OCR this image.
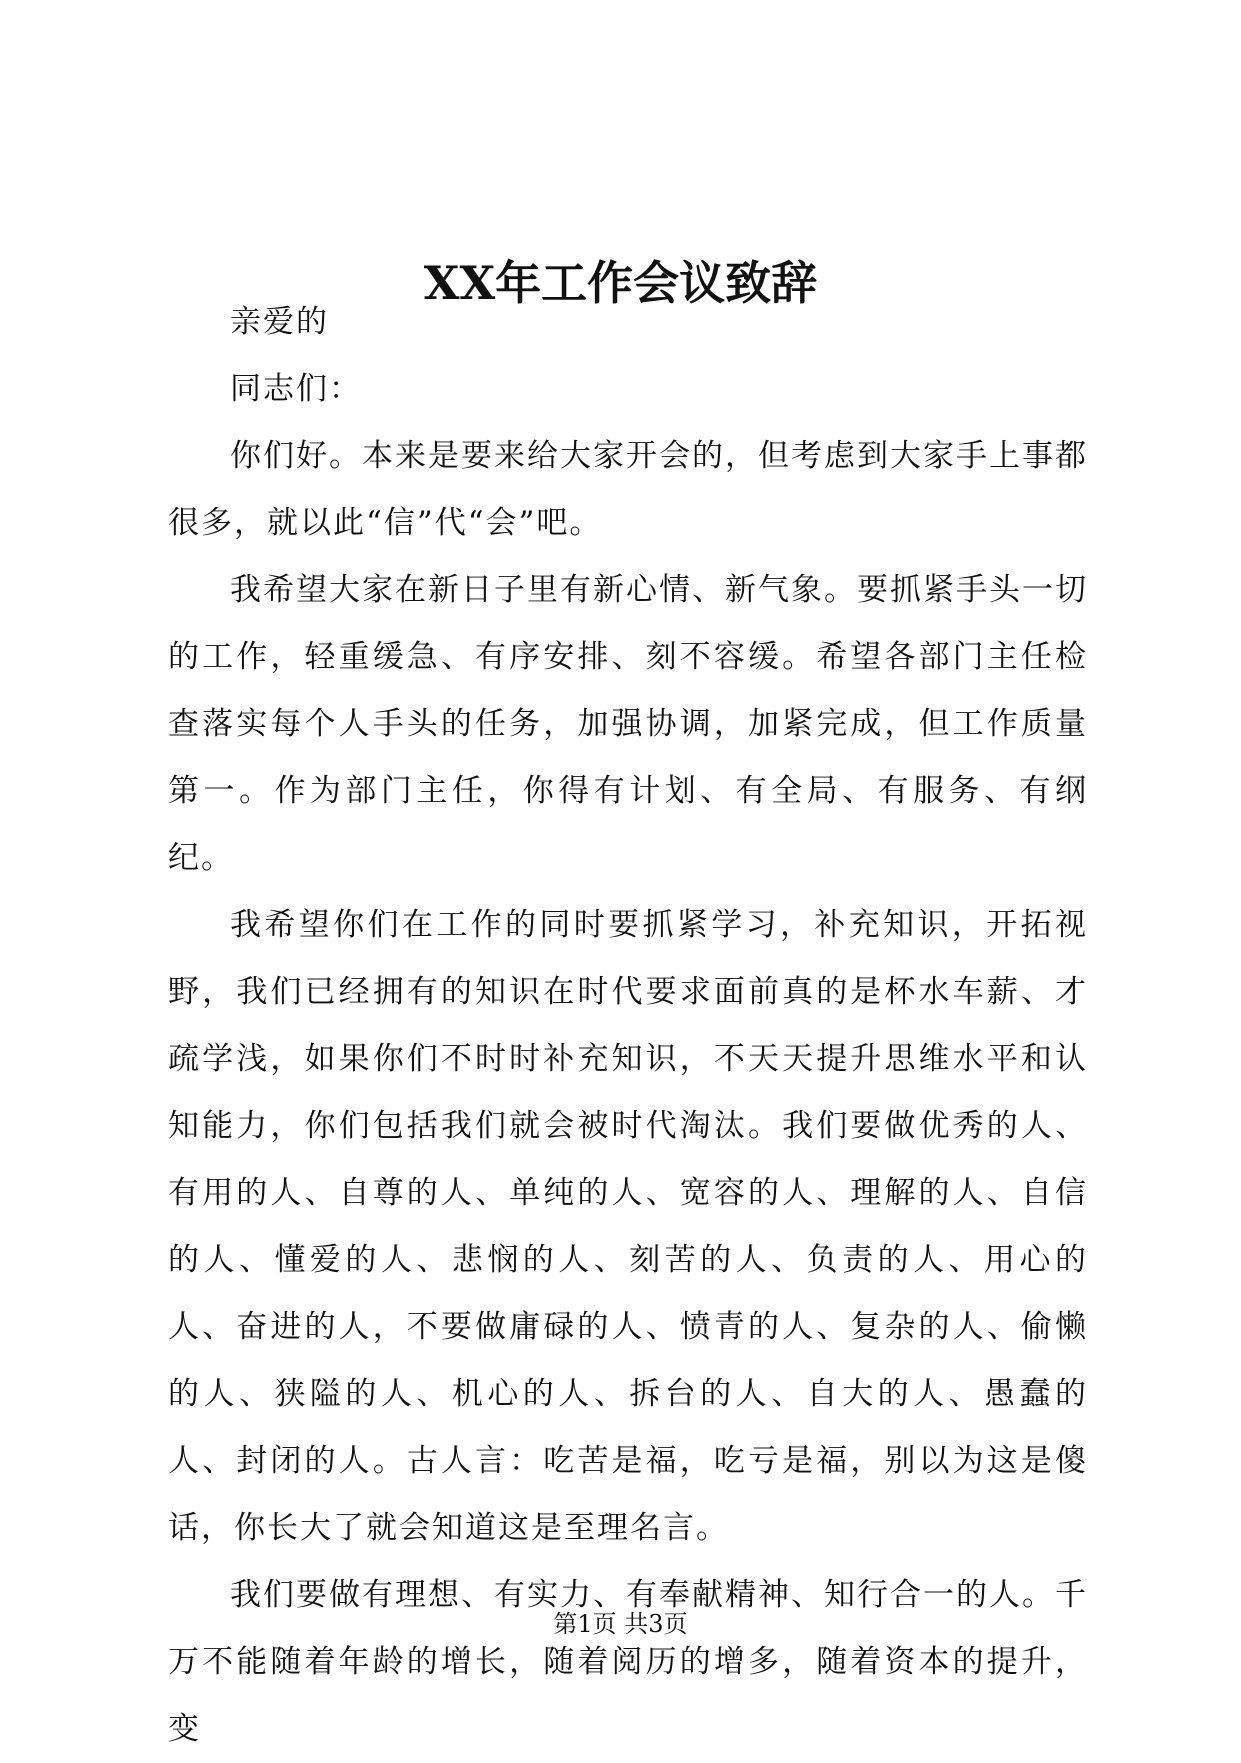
XX年工作会议致辞

亲爱的

同志们：

你们好。本来是要来给大家开会的，但考虑到大家手上事都很多，就以此“信”代“会”吧。

我希望大家在新日子里有新心情、新气象。要抓紧手头一切的工作，轻重缓急、有序安排、刻不容缓。希望各部门主任检查落实每个人手头的任务，加强协调，加紧完成，但工作质量第一。作为部门主任，你得有计划、有全局、有服务、有纲纪。

我希望你们在工作的同时要抓紧学习，补充知识，开拓视野，我们已经拥有的知识在时代要求面前真的是杯水车薪、才疏学浅，如果你们不时时补充知识，不天天提升思维水平和认知能力，你们包括我们就会被时代淘汰。我们要做优秀的人、有用的人、自尊的人、单纯的人、宽容的人、理解的人、自信的人、懂爱的人、悲悯的人、刻苦的人、负责的人、用心的人、奋进的人，不要做庸碌的人、愤青的人、复杂的人、偷懒的人、狭隘的人、机心的人、拆台的人、自大的人、愚蠢的人、封闭的人。古人言：吃苦是福，吃亏是福，别以为这是傻话，你长大了就会知道这是至理名言。

我们要做有理想、有实力、有奉献精神、知行合一的人。千万不能随着年龄的增长，随着阅历的增多，随着资本的提升，变

第1页 共3页
